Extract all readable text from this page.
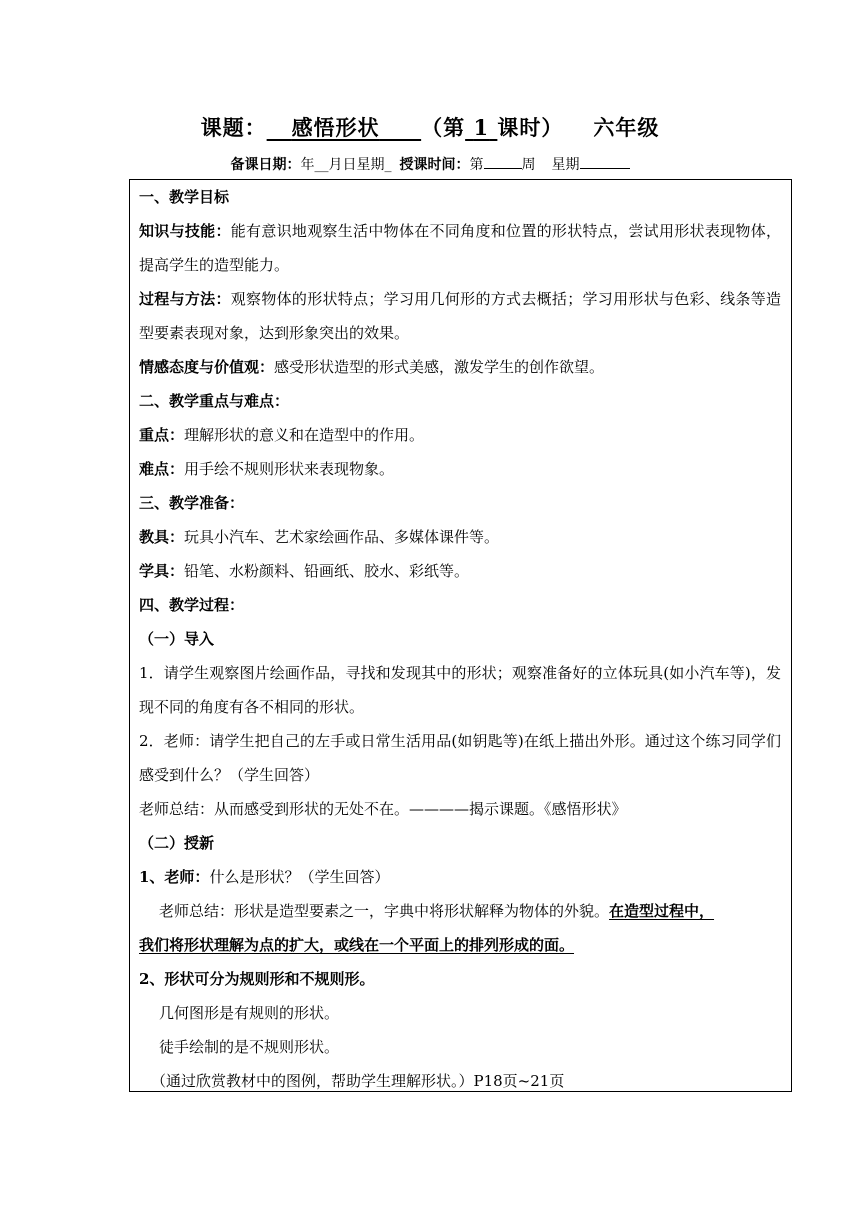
课题： 感悟形状 （第 1 课时） 六年级
备课日期：年__月日星期_ 授课时间：第	周 星期
一、教学目标
知识与技能：能有意识地观察生活中物体在不同角度和位置的形状特点，尝试用形状表现物体，提高学生的造型能力。
过程与方法：观察物体的形状特点；学习用几何形的方式去概括；学习用形状与色彩、线条等造型要素表现对象，达到形象突出的效果。
情感态度与价值观：感受形状造型的形式美感，激发学生的创作欲望。
二、教学重点与难点：
重点：理解形状的意义和在造型中的作用。
难点：用手绘不规则形状来表现物象。
三、教学准备：
教具：玩具小汽车、艺术家绘画作品、多媒体课件等。
学具：铅笔、水粉颜料、铅画纸、胶水、彩纸等。
四、教学过程：
（一）导入
1．请学生观察图片绘画作品，寻找和发现其中的形状；观察准备好的立体玩具(如小汽车等)，发现不同的角度有各不相同的形状。
2．老师：请学生把自己的左手或日常生活用品(如钥匙等)在纸上描出外形。通过这个练习同学们感受到什么？（学生回答）
老师总结：从而感受到形状的无处不在。————揭示课题。《感悟形状》
（二）授新
1、老师：什么是形状？（学生回答）
老师总结：形状是造型要素之一，字典中将形状解释为物体的外貌。在造型过程中，
我们将形状理解为点的扩大，或线在一个平面上的排列形成的面。
2、形状可分为规则形和不规则形。
几何图形是有规则的形状。
徒手绘制的是不规则形状。
（通过欣赏教材中的图例，帮助学生理解形状。）P18页~21页
